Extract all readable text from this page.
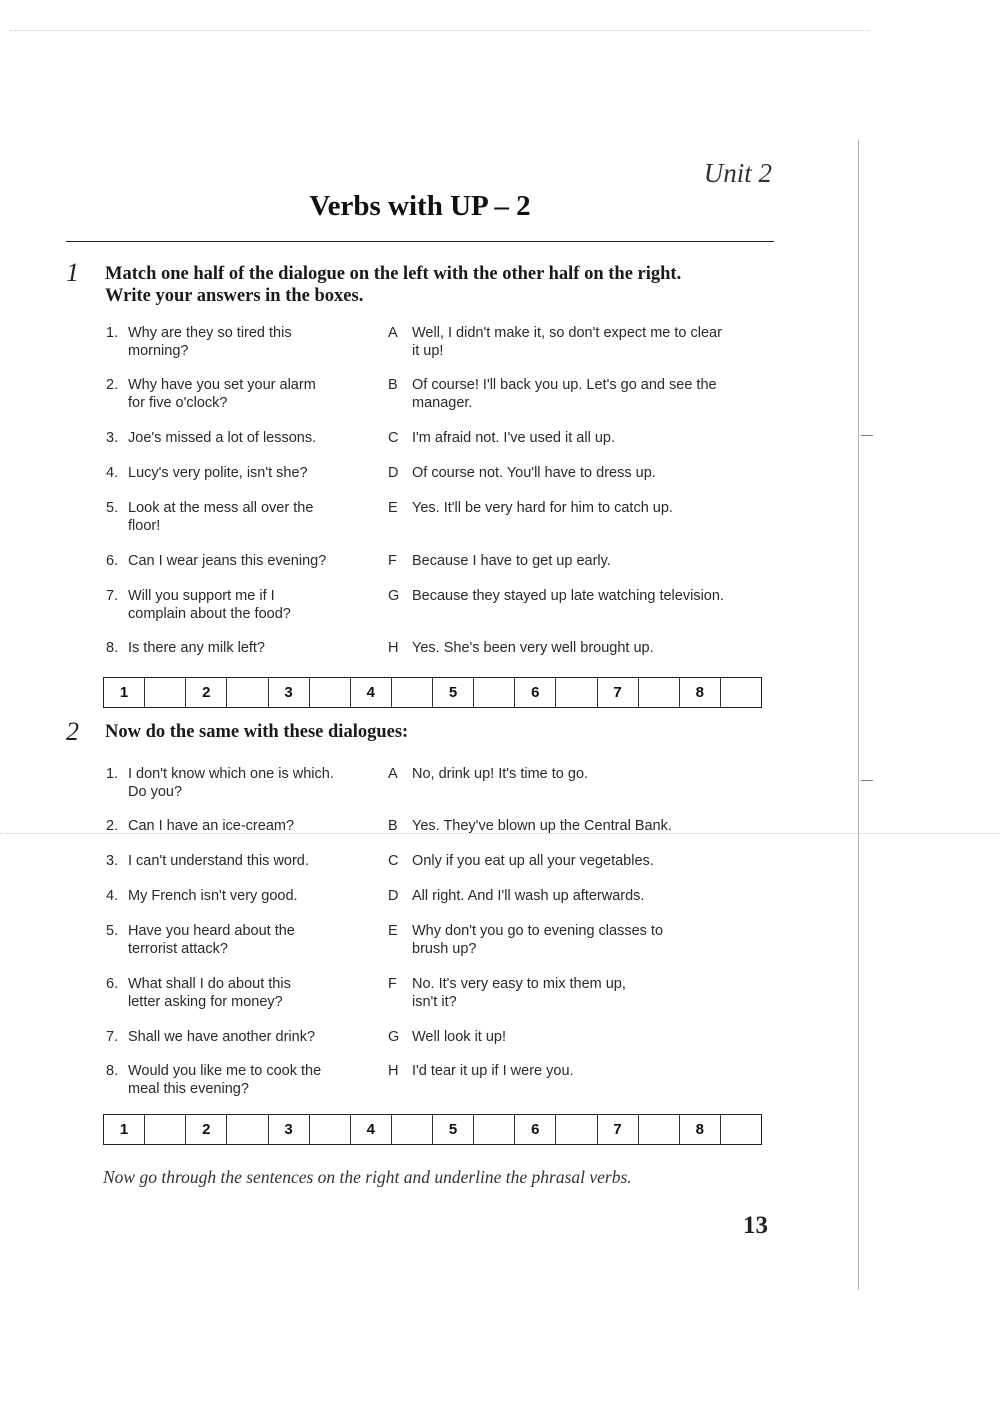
Unit 2
Verbs with UP – 2
1 Match one half of the dialogue on the left with the other half on the right.
Write your answers in the boxes.
1. Why are they so tired this
morning?
2. Why have you set your alarm
for five o'clock?
3. Joe's missed a lot of lessons.
4. Lucy's very polite, isn't she?
5. Look at the mess all over the
floor!
6. Can I wear jeans this evening?
7. Will you support me if I
complain about the food?
8. Is there any milk left?
A Well, I didn't make it, so don't expect me to clear
it up!
B Of course! I'll back you up. Let's go and see the
manager.
C I'm afraid not. I've used it all up.
D Of course not. You'll have to dress up.
E Yes. It'll be very hard for him to catch up.
F Because I have to get up early.
G Because they stayed up late watching television.
H Yes. She's been very well brought up.
1	2	3	4	5	6	7	8
2 Now do the same with these dialogues:
1. I don't know which one is which.
Do you?
2. Can I have an ice-cream?
3. I can't understand this word.
4. My French isn't very good.
5. Have you heard about the
terrorist attack?
6. What shall I do about this
letter asking for money?
7. Shall we have another drink?
8. Would you like me to cook the
meal this evening?
A No, drink up! It's time to go.
B Yes. They've blown up the Central Bank.
C Only if you eat up all your vegetables.
D All right. And I'll wash up afterwards.
E Why don't you go to evening classes to
brush up?
F No. It's very easy to mix them up,
isn't it?
G Well look it up!
H I'd tear it up if I were you.
1	2	3	4	5	6	7	8
Now go through the sentences on the right and underline the phrasal verbs.
13
